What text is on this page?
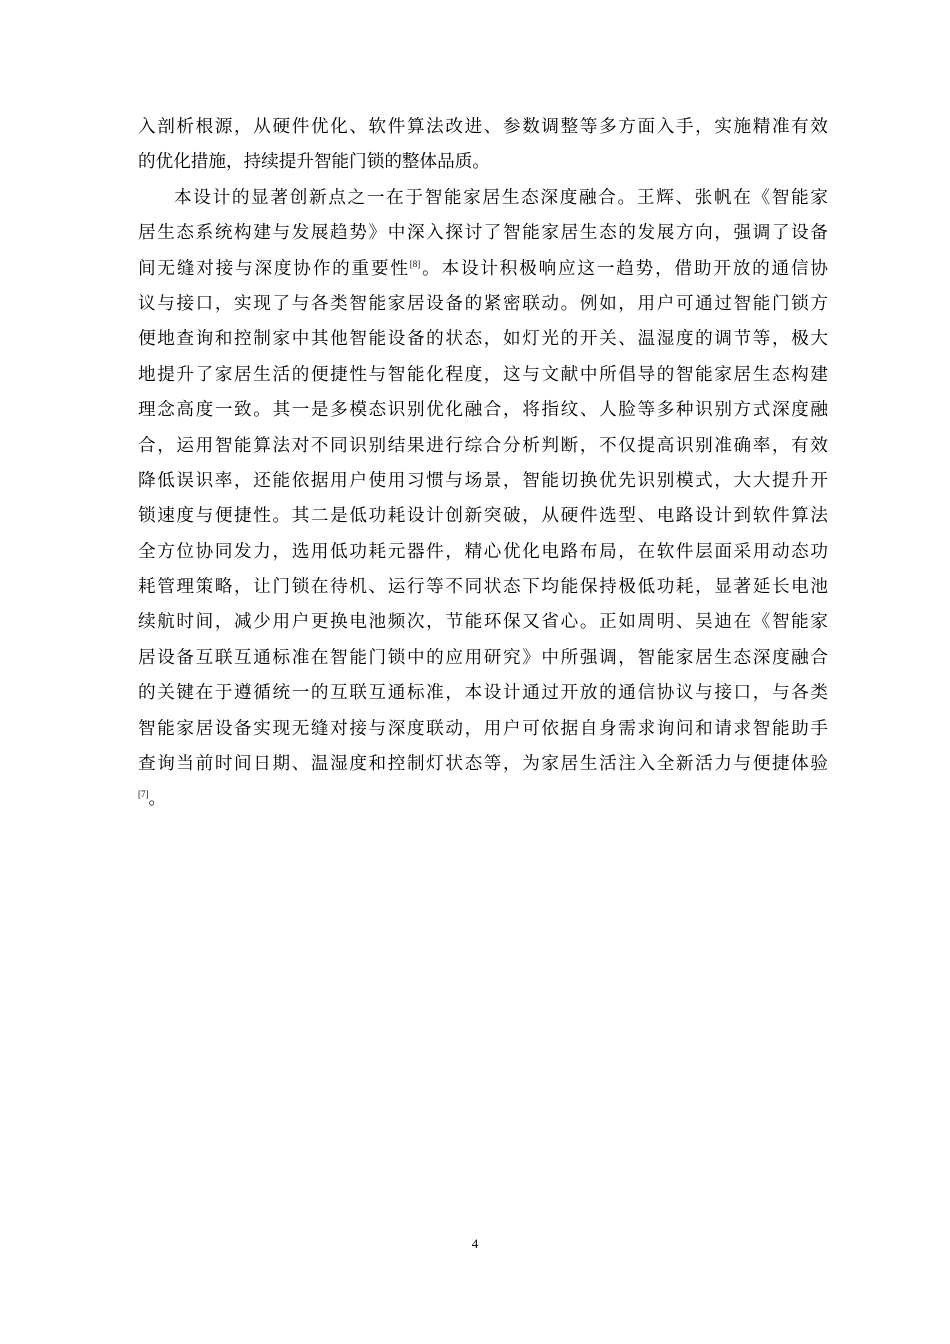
入剖析根源，从硬件优化、软件算法改进、参数调整等多方面入手，实施精准有效
的优化措施，持续提升智能门锁的整体品质。
本设计的显著创新点之一在于智能家居生态深度融合。王辉、张帆在《智能家
居生态系统构建与发展趋势》中深入探讨了智能家居生态的发展方向，强调了设备
间无缝对接与深度协作的重要性[8]。本设计积极响应这一趋势，借助开放的通信协
议与接口，实现了与各类智能家居设备的紧密联动。例如，用户可通过智能门锁方
便地查询和控制家中其他智能设备的状态，如灯光的开关、温湿度的调节等，极大
地提升了家居生活的便捷性与智能化程度，这与文献中所倡导的智能家居生态构建
理念高度一致。其一是多模态识别优化融合，将指纹、人脸等多种识别方式深度融
合，运用智能算法对不同识别结果进行综合分析判断，不仅提高识别准确率，有效
降低误识率，还能依据用户使用习惯与场景，智能切换优先识别模式，大大提升开
锁速度与便捷性。其二是低功耗设计创新突破，从硬件选型、电路设计到软件算法
全方位协同发力，选用低功耗元器件，精心优化电路布局，在软件层面采用动态功
耗管理策略，让门锁在待机、运行等不同状态下均能保持极低功耗，显著延长电池
续航时间，减少用户更换电池频次，节能环保又省心。正如周明、吴迪在《智能家
居设备互联互通标准在智能门锁中的应用研究》中所强调，智能家居生态深度融合
的关键在于遵循统一的互联互通标准，本设计通过开放的通信协议与接口，与各类
智能家居设备实现无缝对接与深度联动，用户可依据自身需求询问和请求智能助手
查询当前时间日期、温湿度和控制灯状态等，为家居生活注入全新活力与便捷体验
[7]。
4
